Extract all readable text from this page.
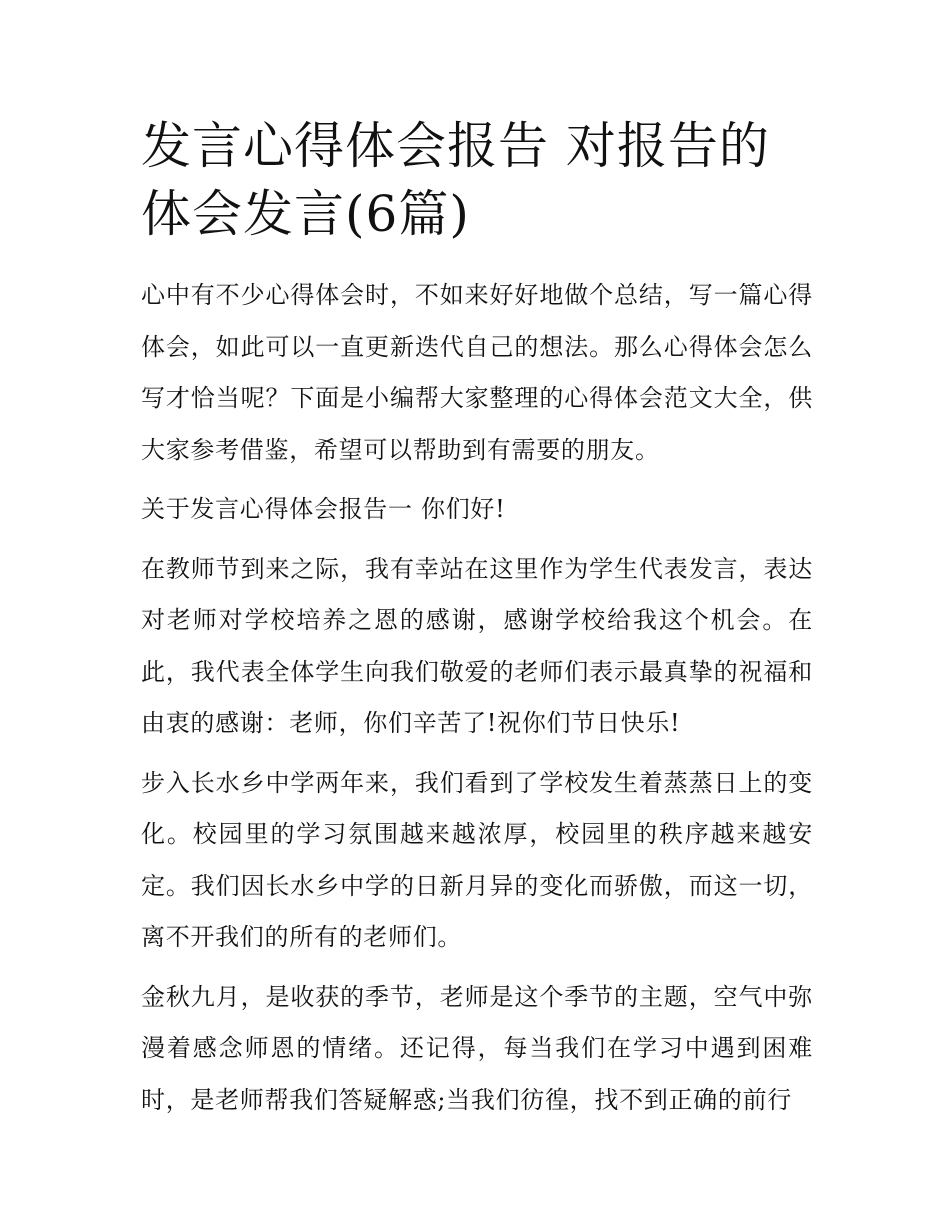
发言心得体会报告 对报告的体会发言(6篇)

心中有不少心得体会时，不如来好好地做个总结，写一篇心得体会，如此可以一直更新迭代自己的想法。那么心得体会怎么写才恰当呢？下面是小编帮大家整理的心得体会范文大全，供大家参考借鉴，希望可以帮助到有需要的朋友。

关于发言心得体会报告一 你们好!

在教师节到来之际，我有幸站在这里作为学生代表发言，表达对老师对学校培养之恩的感谢，感谢学校给我这个机会。在此，我代表全体学生向我们敬爱的老师们表示最真挚的祝福和由衷的感谢：老师，你们辛苦了!祝你们节日快乐!

步入长水乡中学两年来，我们看到了学校发生着蒸蒸日上的变化。校园里的学习氛围越来越浓厚，校园里的秩序越来越安定。我们因长水乡中学的日新月异的变化而骄傲，而这一切，离不开我们的所有的老师们。

金秋九月，是收获的季节，老师是这个季节的主题，空气中弥漫着感念师恩的情绪。还记得，每当我们在学习中遇到困难时，是老师帮我们答疑解惑;当我们彷徨，找不到正确的前行
